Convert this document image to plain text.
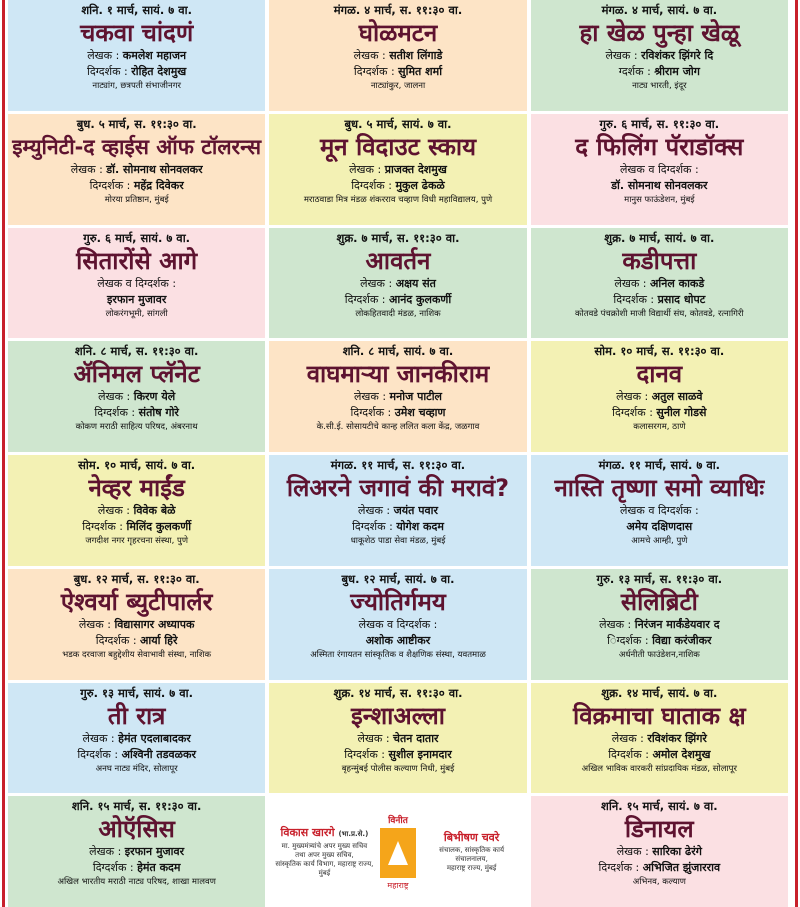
शनि. १ मार्च, सायं. ७ वा.
चकवा चांदणं
लेखक : कमलेश महाजन
दिग्दर्शक : रोहित देशमुख
नाट्यांग, छत्रपती संभाजीनगर
मंगळ. ४ मार्च, स. ११:३० वा.
घोळमटन
लेखक : सतीश लिंगाडे
दिग्दर्शक : सुमित शर्मा
नाट्यांकुर, जालना
मंगळ. ४ मार्च, सायं. ७ वा.
हा खेळ पुन्हा खेळू
लेखक : रविशंकर झिंगरे दि
ग्दर्शक : श्रीराम जोग
नाट्य भारती, इंदूर
बुध. ५ मार्च, स. ११:३० वा.
इम्युनिटी-द व्हाईस ऑफ टॉलरन्स
लेखक : डॉ. सोमनाथ सोनवलकर
दिग्दर्शक : महेंद्र दिवेकर
मोरया प्रतिष्ठान, मुंबई
बुध. ५ मार्च, सायं. ७ वा.
मून विदाउट स्काय
लेखक : प्राजक्त देशमुख
दिग्दर्शक : मुकुल ढेकळे
मराठवाडा मित्र मंडळ शंकरराव चव्हाण विधी महाविद्यालय, पुणे
गुरु. ६ मार्च, स. ११:३० वा.
द फिलिंग पॅराडॉक्स
लेखक व दिग्दर्शक :
डॉ. सोमनाथ सोनवलकर
मानुस फाऊंडेशन, मुंबई
गुरु. ६ मार्च, सायं. ७ वा.
सितारोंसे आगे
लेखक व दिग्दर्शक :
इरफान मुजावर
लोकरंगभूमी, सांगली
शुक्र. ७ मार्च, स. ११:३० वा.
आवर्तन
लेखक : अक्षय संत
दिग्दर्शक : आनंद कुलकर्णी
लोकहितवादी मंडळ, नाशिक
शुक्र. ७ मार्च, सायं. ७ वा.
कडीपत्ता
लेखक : अनिल काकडे
दिग्दर्शक : प्रसाद धोपट
कोतवडे पंचक्रोशी माजी विद्यार्थी संघ, कोतवडे, रत्नागिरी
शनि. ८ मार्च, स. ११:३० वा.
ॲनिमल प्लॅनेट
लेखक : किरण येले
दिग्दर्शक : संतोष गोरे
कोकण मराठी साहित्य परिषद, अंबरनाथ
शनि. ८ मार्च, सायं. ७ वा.
वाघमाऱ्या जानकीराम
लेखक : मनोज पाटील
दिग्दर्शक : उमेश चव्हाण
के.सी.ई. सोसायटीचे कान्ह ललित कला केंद्र, जळगाव
सोम. १० मार्च, स. ११:३० वा.
दानव
लेखक : अतुल साळवे
दिग्दर्शक : सुनील गोडसे
कलासरगम, ठाणे
सोम. १० मार्च, सायं. ७ वा.
नेव्हर माईंड
लेखक : विवेक बेळे
दिग्दर्शक : मिलिंद कुलकर्णी
जगदीश नगर गृहरचना संस्था, पुणे
मंगळ. ११ मार्च, स. ११:३० वा.
लिअरने जगावं की मरावं?
लेखक : जयंत पवार
दिग्दर्शक : योगेश कदम
धाकूशेठ पाडा सेवा मंडळ, मुंबई
मंगळ. ११ मार्च, सायं. ७ वा.
नास्ति तृष्णा समो व्याधिः
लेखक व दिग्दर्शक :
अमेय दक्षिणदास
आमचे आम्ही, पुणे
बुध. १२ मार्च, स. ११:३० वा.
ऐश्वर्या ब्युटीपार्लर
लेखक : विद्यासागर अध्यापक
दिग्दर्शक : आर्या हिरे
भडक दरवाजा बहुद्देशीय सेवाभावी संस्था, नाशिक
बुध. १२ मार्च, सायं. ७ वा.
ज्योतिर्गमय
लेखक व दिग्दर्शक :
अशोक आष्टीकर
अस्मिता रंगायतन सांस्कृतिक व शैक्षणिक संस्था, यवतमाळ
गुरु. १३ मार्च, स. ११:३० वा.
सेलिब्रिटी
लेखक : निरंजन मार्कंडेयवार द
िग्दर्शक : विद्या करंजीकर
अर्धनीती फाउंडेशन,नाशिक
गुरु. १३ मार्च, सायं. ७ वा.
ती रात्र
लेखक : हेमंत एदलाबादकर
दिग्दर्शक : अश्विनी तडवळकर
अनघ नाट्य मंदिर, सोलापूर
शुक्र. १४ मार्च, स. ११:३० वा.
इन्शाअल्ला
लेखक : चेतन दातार
दिग्दर्शक : सुशील इनामदार
बृहन्मुंबई पोलीस कल्याण निधी, मुंबई
शुक्र. १४ मार्च, सायं. ७ वा.
विक्रमाचा घाताक क्ष
लेखक : रविशंकर झिंगरे
दिग्दर्शक : अमोल देशमुख
अखिल भाविक वारकरी सांप्रदायिक मंडळ, सोलापूर
शनि. १५ मार्च, स. ११:३० वा.
ओऍसिस
लेखक : इरफान मुजावर
दिग्दर्शक : हेमंत कदम
अखिल भारतीय मराठी नाट्य परिषद, शाखा मालवण
विकास खारगे (भा.प्र.से.)
मा. मुख्यमंत्र्यांचे अपर मुख्य सचिव
तथा अपर मुख्य सचिव,
सांस्कृतिक कार्य विभाग, महाराष्ट्र राज्य, मुंबई
विनीत
महाराष्ट्र
बिभीषण चवरे
संचालक, सांस्कृतिक कार्य
संचालनालय,
महाराष्ट्र राज्य, मुंबई
शनि. १५ मार्च, सायं. ७ वा.
डिनायल
लेखक : सारिका ढेरंगे
दिग्दर्शक : अभिजित झुंजारराव
अभिनव, कल्याण
